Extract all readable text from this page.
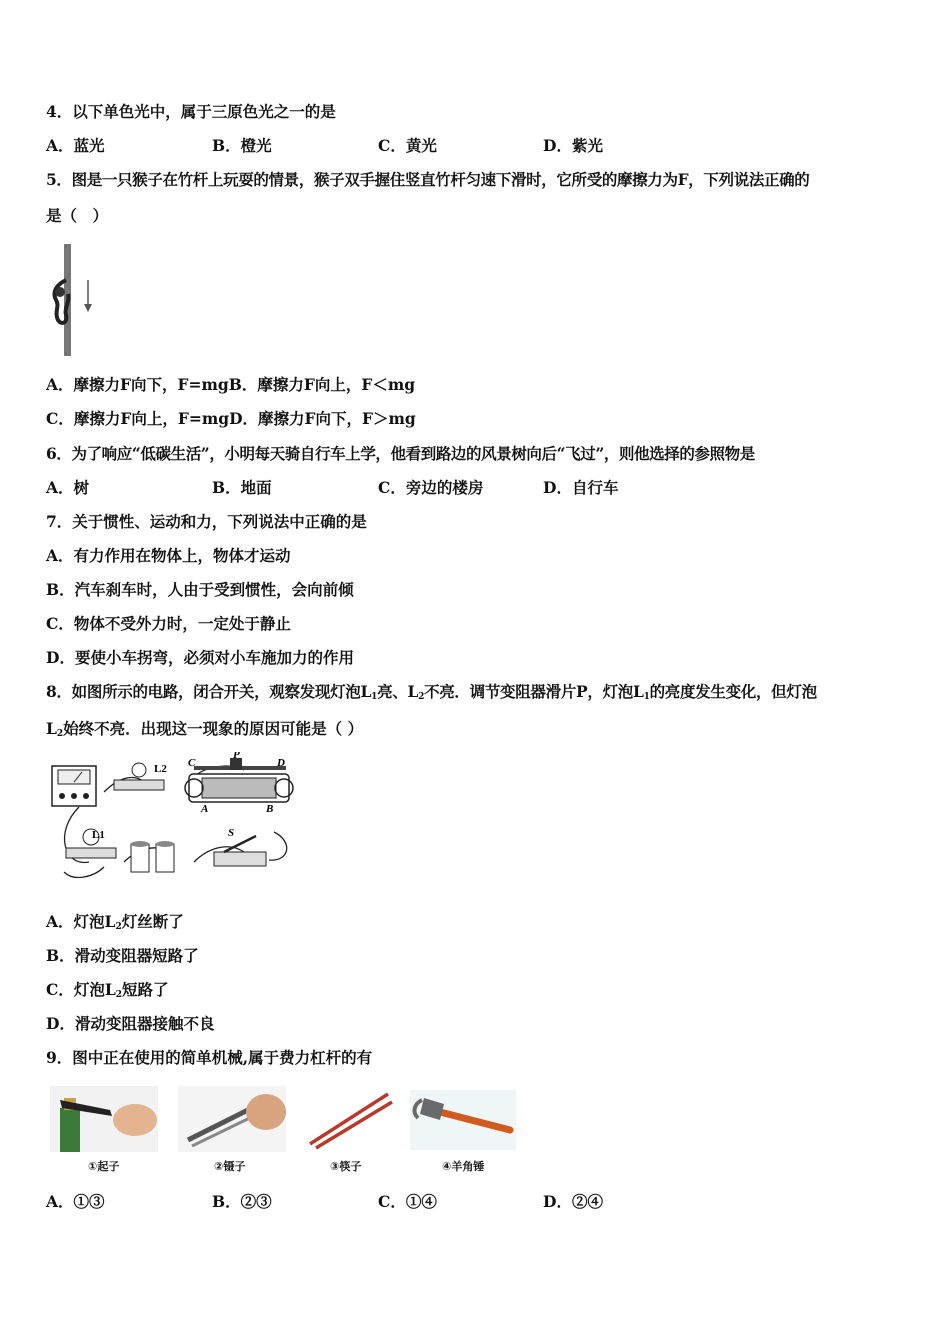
4．以下单色光中，属于三原色光之一的是
A．蓝光	B．橙光	C．黄光	D．紫光
5．图是一只猴子在竹杆上玩耍的情景，猴子双手握住竖直竹杆匀速下滑时，它所受的摩擦力为F，下列说法正确的
是（　）
A．摩擦力F向下，F=mgB．摩擦力F向上，F＜mg
C．摩擦力F向上，F=mgD．摩擦力F向下，F＞mg
6．为了响应“低碳生活”，小明每天骑自行车上学，他看到路边的风景树向后“飞过”，则他选择的参照物是
A．树	B．地面	C．旁边的楼房	D．自行车
7．关于惯性、运动和力，下列说法中正确的是
A．有力作用在物体上，物体才运动
B．汽车刹车时，人由于受到惯性，会向前倾
C．物体不受外力时，一定处于静止
D．要使小车拐弯，必须对小车施加力的作用
8．如图所示的电路，闭合开关，观察发现灯泡$L_1$亮、$L_2$不亮．调节变阻器滑片P，灯泡$L_1$的亮度发生变化，但灯泡
$L_2$始终不亮．出现这一现象的原因可能是（ ）
L2 C
P
D
A	B
L1	S
A．灯泡$L_2$灯丝断了
B．滑动变阻器短路了
C．灯泡$L_2$短路了
D．滑动变阻器接触不良
9．图中正在使用的简单机械,属于费力杠杆的有
①起子	②镊子	③筷子	④羊角锤
A．①③	B．②③	C．①④	D．②④
